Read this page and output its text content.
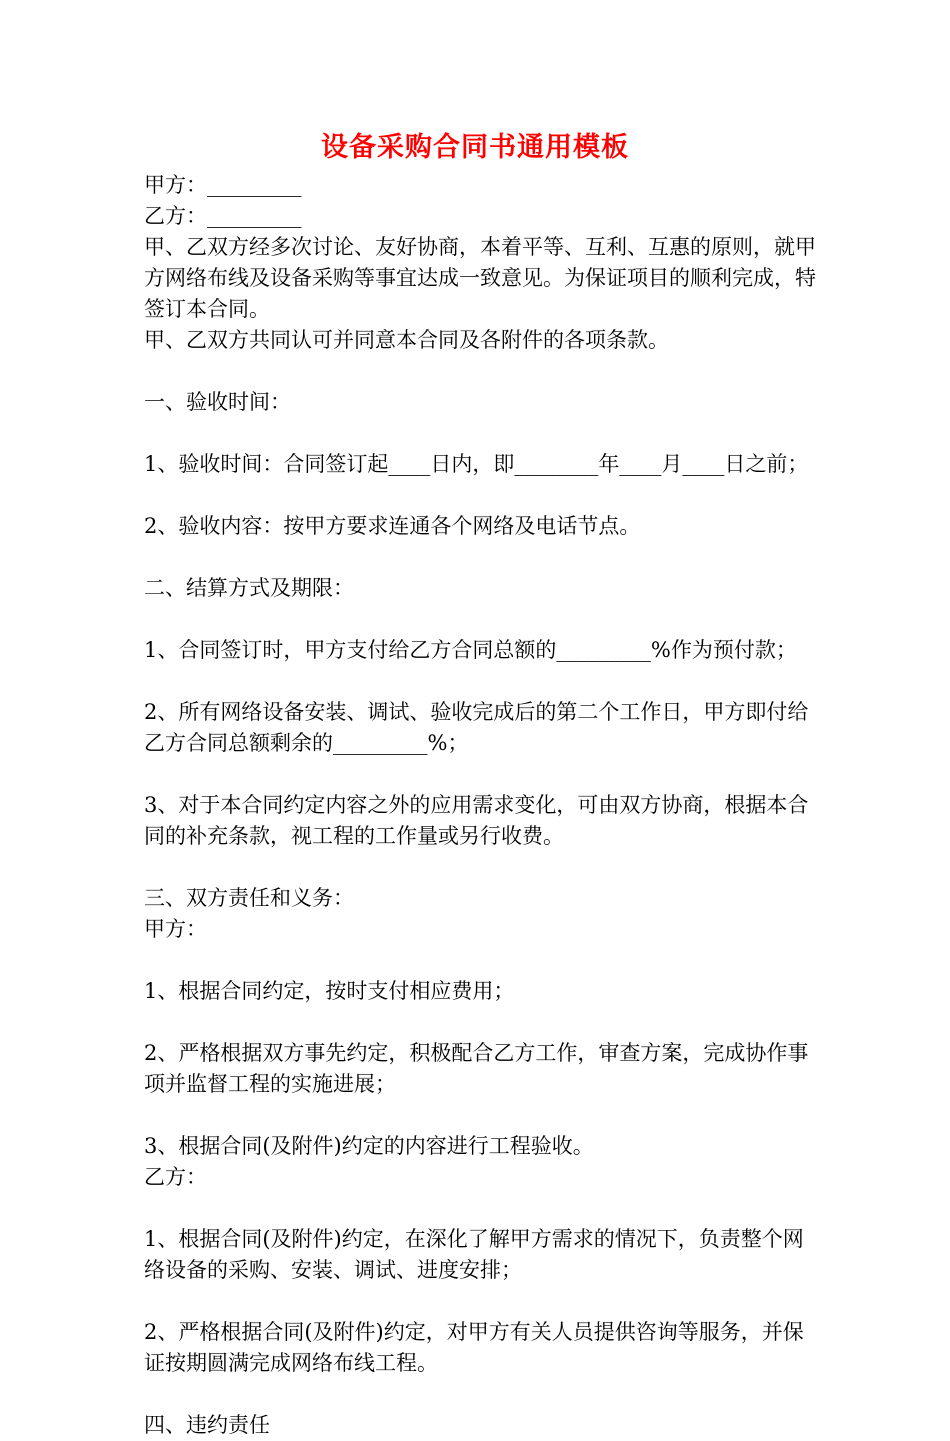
设备采购合同书通用模板

甲方：_________

乙方：_________

甲、乙双方经多次讨论、友好协商，本着平等、互利、互惠的原则，就甲方网络布线及设备采购等事宜达成一致意见。为保证项目的顺利完成，特签订本合同。

甲、乙双方共同认可并同意本合同及各附件的各项条款。

一、验收时间：

1、验收时间：合同签订起____日内，即________年____月____日之前；

2、验收内容：按甲方要求连通各个网络及电话节点。

二、结算方式及期限：

1、合同签订时，甲方支付给乙方合同总额的_________%作为预付款；

2、所有网络设备安装、调试、验收完成后的第二个工作日，甲方即付给乙方合同总额剩余的_________%；

3、对于本合同约定内容之外的应用需求变化，可由双方协商，根据本合同的补充条款，视工程的工作量或另行收费。

三、双方责任和义务：

甲方：

1、根据合同约定，按时支付相应费用；

2、严格根据双方事先约定，积极配合乙方工作，审查方案，完成协作事项并监督工程的实施进展；

3、根据合同(及附件)约定的内容进行工程验收。

乙方：

1、根据合同(及附件)约定，在深化了解甲方需求的情况下，负责整个网络设备的采购、安装、调试、进度安排；

2、严格根据合同(及附件)约定，对甲方有关人员提供咨询等服务，并保证按期圆满完成网络布线工程。

四、违约责任
